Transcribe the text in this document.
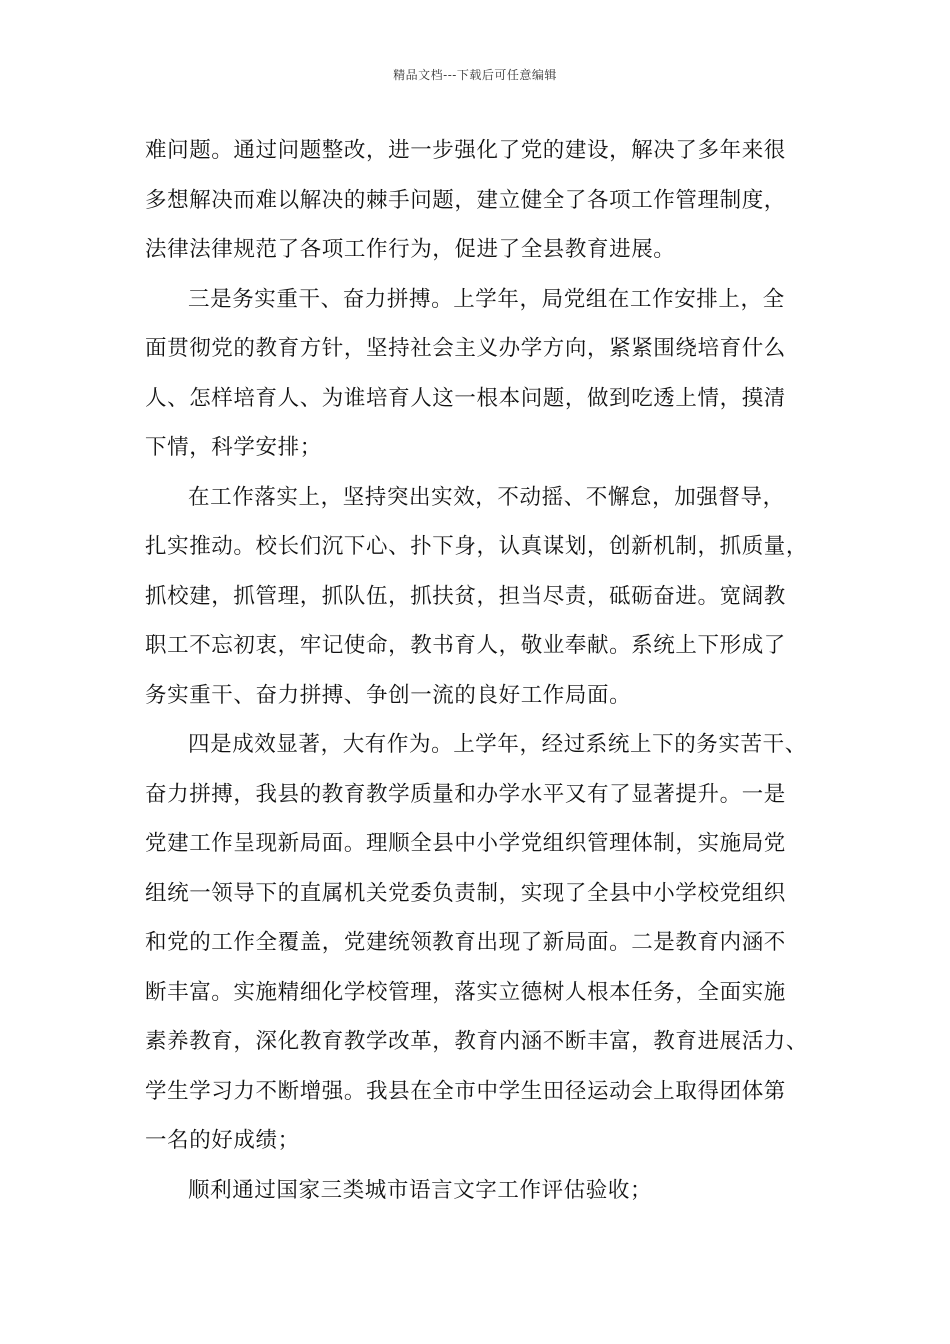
精品文档---下载后可任意编辑
难问题。通过问题整改，进一步强化了党的建设，解决了多年来很
多想解决而难以解决的棘手问题，建立健全了各项工作管理制度，
法律法律规范了各项工作行为，促进了全县教育进展。
三是务实重干、奋力拼搏。上学年，局党组在工作安排上，全
面贯彻党的教育方针，坚持社会主义办学方向，紧紧围绕培育什么
人、怎样培育人、为谁培育人这一根本问题，做到吃透上情，摸清
下情，科学安排；
在工作落实上，坚持突出实效，不动摇、不懈怠，加强督导，
扎实推动。校长们沉下心、扑下身，认真谋划，创新机制，抓质量，
抓校建，抓管理，抓队伍，抓扶贫，担当尽责，砥砺奋进。宽阔教
职工不忘初衷，牢记使命，教书育人，敬业奉献。系统上下形成了
务实重干、奋力拼搏、争创一流的良好工作局面。
四是成效显著，大有作为。上学年，经过系统上下的务实苦干、
奋力拼搏，我县的教育教学质量和办学水平又有了显著提升。一是
党建工作呈现新局面。理顺全县中小学党组织管理体制，实施局党
组统一领导下的直属机关党委负责制，实现了全县中小学校党组织
和党的工作全覆盖，党建统领教育出现了新局面。二是教育内涵不
断丰富。实施精细化学校管理，落实立德树人根本任务，全面实施
素养教育，深化教育教学改革，教育内涵不断丰富，教育进展活力、
学生学习力不断增强。我县在全市中学生田径运动会上取得团体第
一名的好成绩；
顺利通过国家三类城市语言文字工作评估验收；
